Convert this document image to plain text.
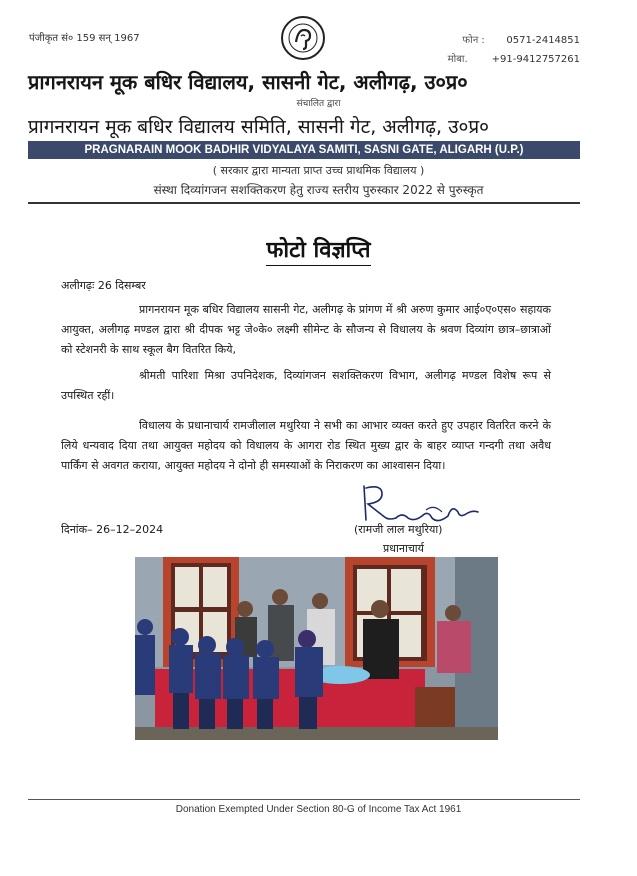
पंजीकृत सं० 159 सन् 1967	फोन : 0571-2414851
मोबा. +91-9412757261
प्रागनरायन मूक बधिर विद्यालय, सासनी गेट, अलीगढ़, उ०प्र०
संचालित द्वारा
प्रागनरायन मूक बधिर विद्यालय समिति, सासनी गेट, अलीगढ़, उ०प्र०
PRAGNARAIN MOOK BADHIR VIDYALAYA SAMITI, SASNI GATE, ALIGARH (U.P.)
( सरकार द्वारा मान्यता प्राप्त उच्च प्राथमिक विद्यालय )
संस्था दिव्यांगजन सशक्तिकरण हेतु राज्य स्तरीय पुरुस्कार 2022 से पुरुस्कृत
फोटो विज्ञप्ति
अलीगढ़ः 26 दिसम्बर
प्रागनरायन मूक बधिर विद्यालय सासनी गेट, अलीगढ़ के प्रांगण में श्री अरुण कुमार आई०ए०एस० सहायक आयुक्त, अलीगढ़ मण्डल द्वारा श्री दीपक भट्ट जे०के० लक्ष्मी सीमेन्ट के सौजन्य से विधालय के श्रवण दिव्यांग छात्र–छात्राओं को स्टेशनरी के साथ स्कूल बैग वितरित किये,
श्रीमती पारिशा मिश्रा उपनिदेशक, दिव्यांगजन सशक्तिकरण विभाग, अलीगढ़ मण्डल विशेष रूप से उपस्थित रहीं।
विधालय के प्रधानाचार्य रामजीलाल मथुरिया ने सभी का आभार व्यक्त करते हुए उपहार वितरित करने के लिये धन्यवाद दिया तथा आयुक्त महोदय को विधालय के आगरा रोड स्थित मुख्य द्वार के बाहर व्याप्त गन्दगी तथा अवैध पार्किंग से अवगत कराया, आयुक्त महोदय ने दोनो ही समस्याओं के निराकरण का आश्वासन दिया।
दिनांक– 26–12–2024	(रामजी लाल मथुरिया)
प्रधानाचार्य
Donation Exempted Under Section 80-G of Income Tax Act 1961
